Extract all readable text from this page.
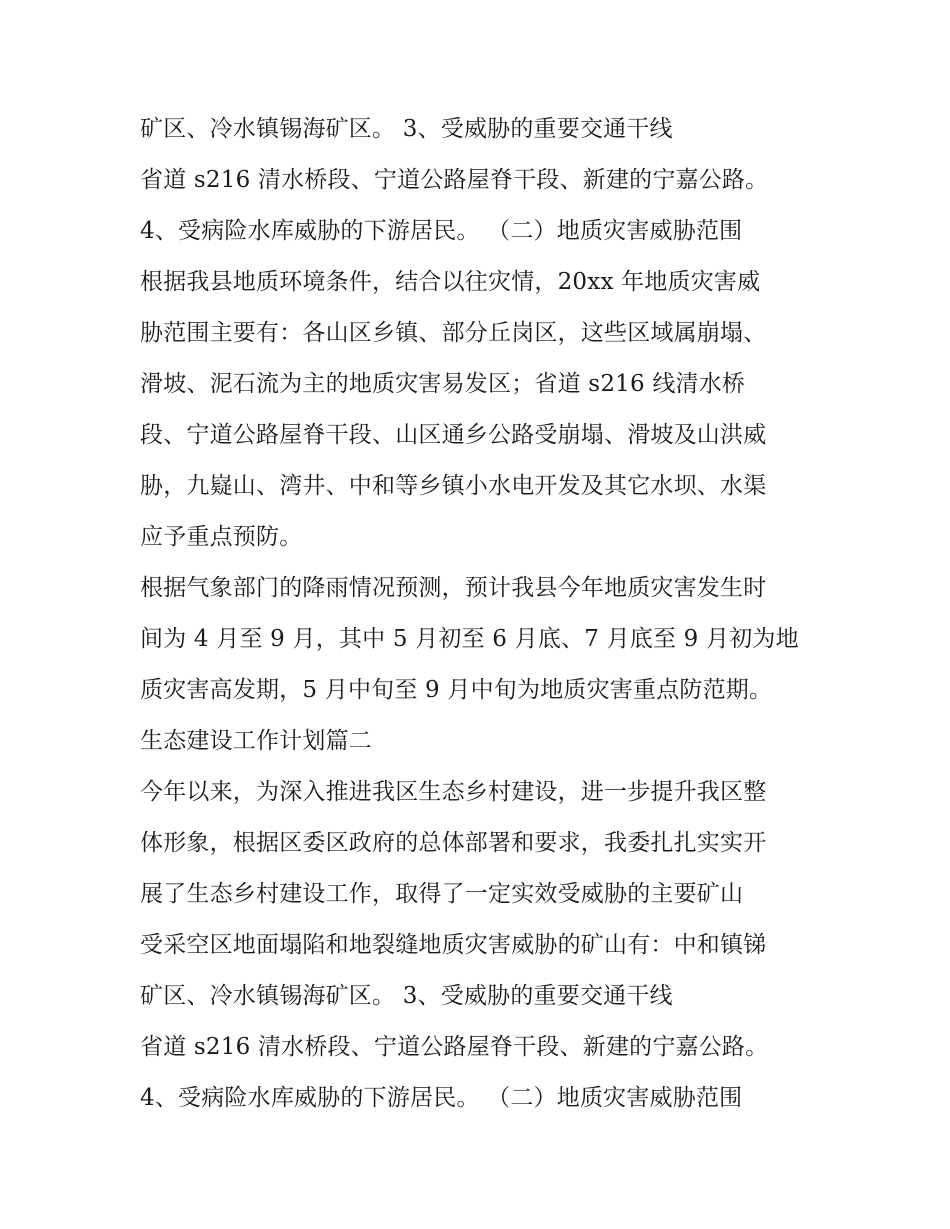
矿区、冷水镇锡海矿区。 3、受威胁的重要交通干线
省道 s216 清水桥段、宁道公路屋脊干段、新建的宁嘉公路。
4、受病险水库威胁的下游居民。 （二）地质灾害威胁范围
根据我县地质环境条件，结合以往灾情，20xx 年地质灾害威
胁范围主要有：各山区乡镇、部分丘岗区，这些区域属崩塌、
滑坡、泥石流为主的地质灾害易发区；省道 s216 线清水桥
段、宁道公路屋脊干段、山区通乡公路受崩塌、滑坡及山洪威
胁，九嶷山、湾井、中和等乡镇小水电开发及其它水坝、水渠
应予重点预防。
根据气象部门的降雨情况预测，预计我县今年地质灾害发生时
间为 4 月至 9 月，其中 5 月初至 6 月底、7 月底至 9 月初为地
质灾害高发期，5 月中旬至 9 月中旬为地质灾害重点防范期。
生态建设工作计划篇二
今年以来，为深入推进我区生态乡村建设，进一步提升我区整
体形象，根据区委区政府的总体部署和要求，我委扎扎实实开
展了生态乡村建设工作，取得了一定实效受威胁的主要矿山
受采空区地面塌陷和地裂缝地质灾害威胁的矿山有：中和镇锑
矿区、冷水镇锡海矿区。 3、受威胁的重要交通干线
省道 s216 清水桥段、宁道公路屋脊干段、新建的宁嘉公路。
4、受病险水库威胁的下游居民。 （二）地质灾害威胁范围
